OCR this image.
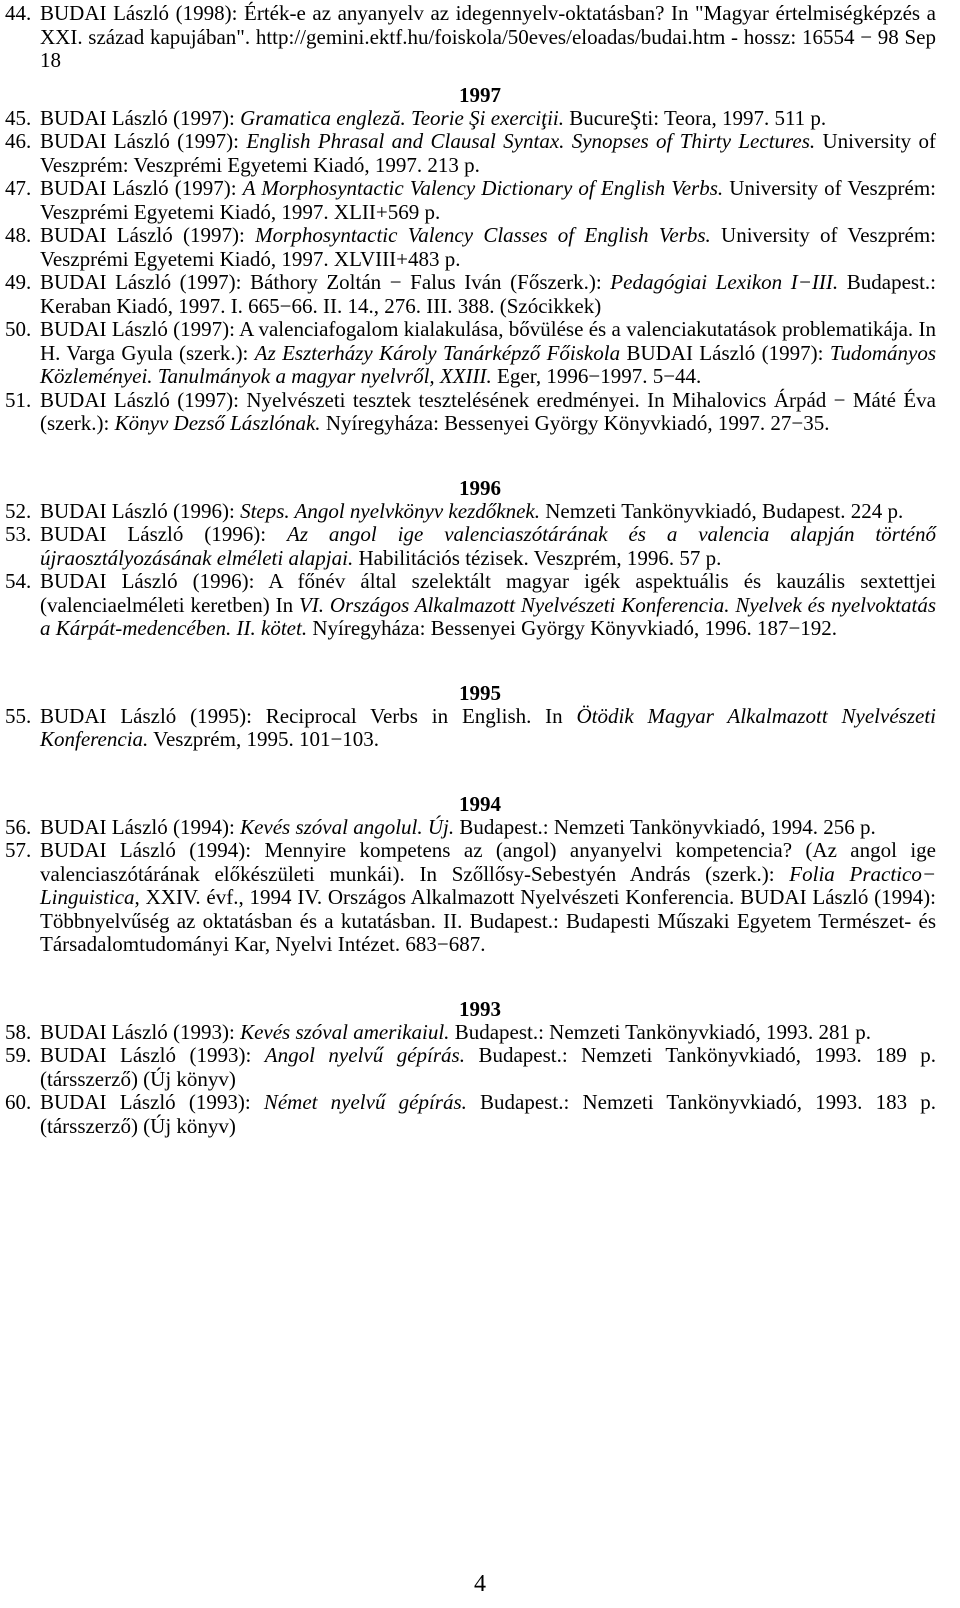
44. BUDAI László (1998): Érték-e az anyanyelv az idegennyelv-oktatásban? In "Magyar értelmiségképzés a XXI. század kapujában". http://gemini.ektf.hu/foiskola/50eves/eloadas/budai.htm - hossz: 16554 − 98 Sep 18

1997

45. BUDAI László (1997): Gramatica engleză. Teorie Şi exerciţii. BucureŞti: Teora, 1997. 511 p.

46. BUDAI László (1997): English Phrasal and Clausal Syntax. Synopses of Thirty Lectures. University of Veszprém: Veszprémi Egyetemi Kiadó, 1997. 213 p.

47. BUDAI László (1997): A Morphosyntactic Valency Dictionary of English Verbs. University of Veszprém: Veszprémi Egyetemi Kiadó, 1997. XLII+569 p.

48. BUDAI László (1997): Morphosyntactic Valency Classes of English Verbs. University of Veszprém: Veszprémi Egyetemi Kiadó, 1997. XLVIII+483 p.

49. BUDAI László (1997): Báthory Zoltán − Falus Iván (Főszerk.): Pedagógiai Lexikon I−III. Budapest.: Keraban Kiadó, 1997. I. 665−66. II. 14., 276. III. 388. (Szócikkek)

50. BUDAI László (1997): A valenciafogalom kialakulása, bővülése és a valenciakutatások problematikája. In H. Varga Gyula (szerk.): Az Eszterházy Károly Tanárképző Főiskola BUDAI László (1997): Tudományos Közleményei. Tanulmányok a magyar nyelvről, XXIII. Eger, 1996−1997. 5−44.

51. BUDAI László (1997): Nyelvészeti tesztek tesztelésének eredményei. In Mihalovics Árpád − Máté Éva (szerk.): Könyv Dezső Lászlónak. Nyíregyháza: Bessenyei György Könyvkiadó, 1997. 27−35.

1996

52. BUDAI László (1996): Steps. Angol nyelvkönyv kezdőknek. Nemzeti Tankönyvkiadó, Budapest. 224 p.

53. BUDAI László (1996): Az angol ige valenciaszótárának és a valencia alapján történő újraosztályozásának elméleti alapjai. Habilitációs tézisek. Veszprém, 1996. 57 p.

54. BUDAI László (1996): A főnév által szelektált magyar igék aspektuális és kauzális sextettjei (valenciaelméleti keretben) In VI. Országos Alkalmazott Nyelvészeti Konferencia. Nyelvek és nyelvoktatás a Kárpát-medencében. II. kötet. Nyíregyháza: Bessenyei György Könyvkiadó, 1996. 187−192.

1995

55. BUDAI László (1995): Reciprocal Verbs in English. In Ötödik Magyar Alkalmazott Nyelvészeti Konferencia. Veszprém, 1995. 101−103.

1994

56. BUDAI László (1994): Kevés szóval angolul. Új. Budapest.: Nemzeti Tankönyvkiadó, 1994. 256 p.

57. BUDAI László (1994): Mennyire kompetens az (angol) anyanyelvi kompetencia? (Az angol ige valenciaszótárának előkészületi munkái). In Szőllősy-Sebestyén András (szerk.): Folia Practico− Linguistica, XXIV. évf., 1994 IV. Országos Alkalmazott Nyelvészeti Konferencia. BUDAI László (1994): Többnyelvűség az oktatásban és a kutatásban. II. Budapest.: Budapesti Műszaki Egyetem Természet- és Társadalomtudományi Kar, Nyelvi Intézet. 683−687.

1993

58. BUDAI László (1993): Kevés szóval amerikaiul. Budapest.: Nemzeti Tankönyvkiadó, 1993. 281 p.

59. BUDAI László (1993): Angol nyelvű gépírás. Budapest.: Nemzeti Tankönyvkiadó, 1993. 189 p. (társszerző) (Új könyv)

60. BUDAI László (1993): Német nyelvű gépírás. Budapest.: Nemzeti Tankönyvkiadó, 1993. 183 p. (társszerző) (Új könyv)

4
